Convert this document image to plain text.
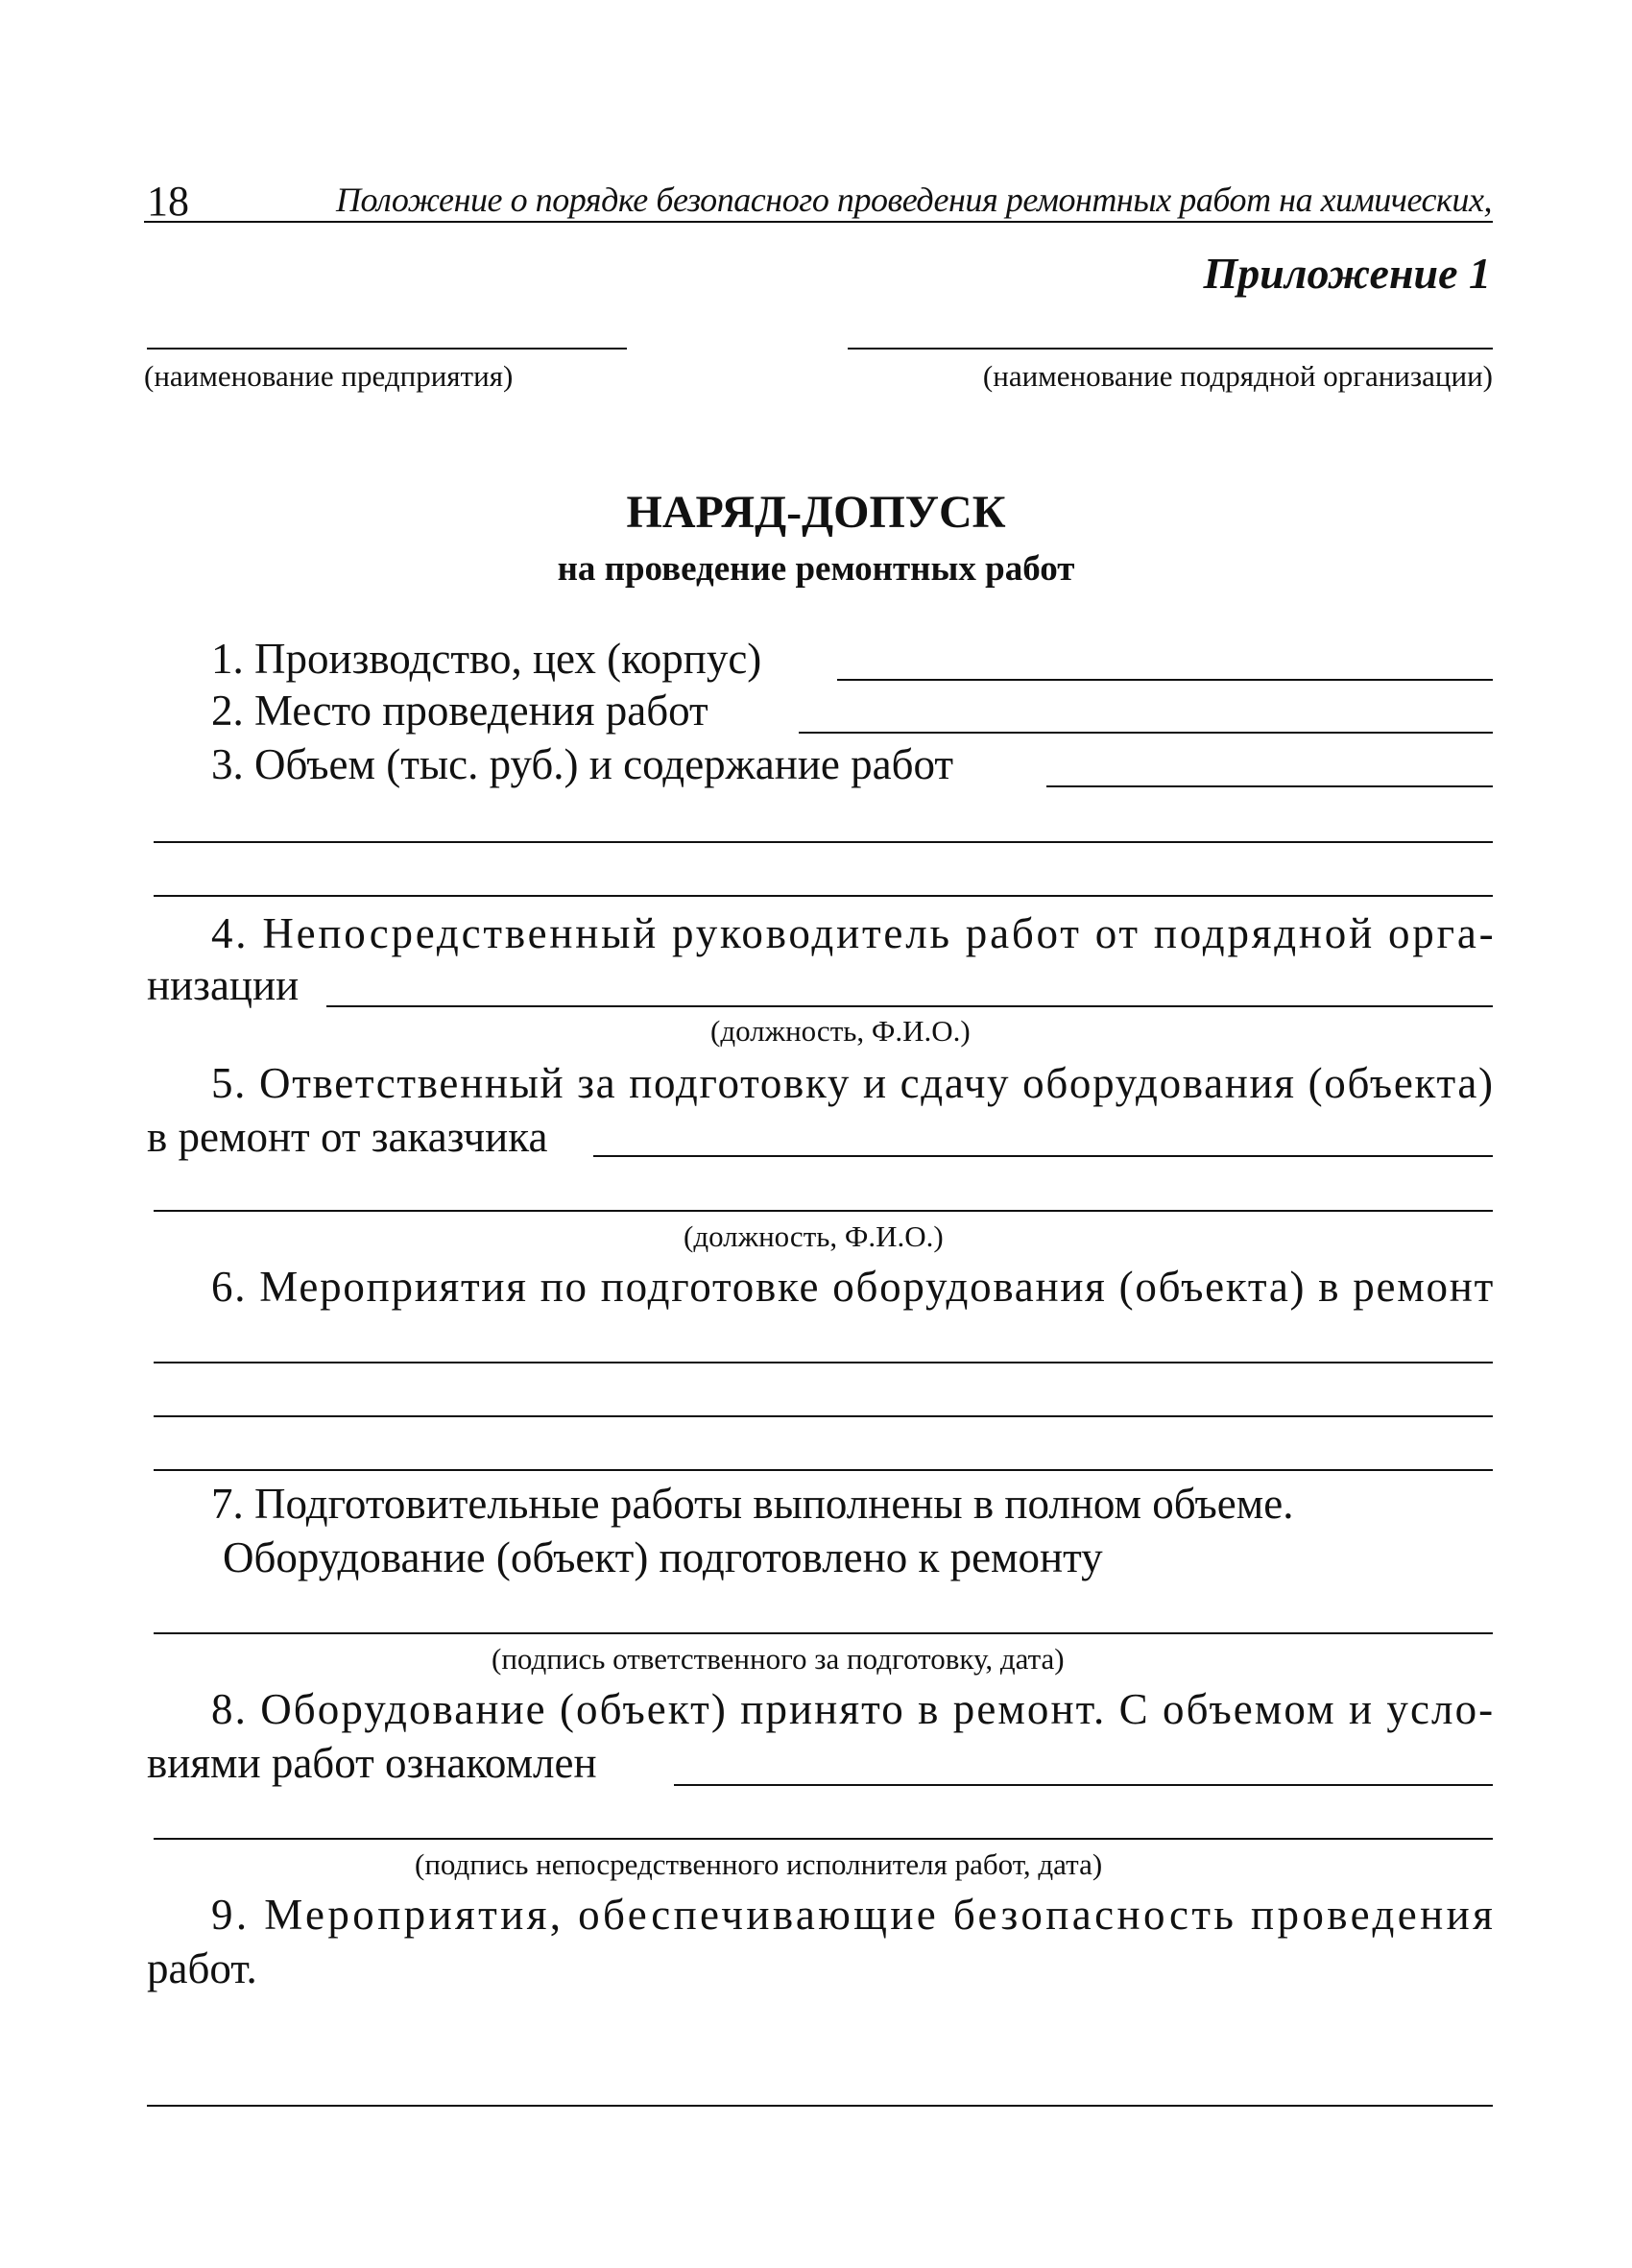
18	Положение о порядке безопасного проведения ремонтных работ на химических,
Приложение 1
(наименование предприятия)	(наименование подрядной организации)
НАРЯД-ДОПУСК
на проведение ремонтных работ
1. Производство, цех (корпус)
2. Место проведения работ
3. Объем (тыс. руб.) и содержание работ
4. Непосредственный руководитель работ от подрядной орга-
низации
(должность, Ф.И.О.)
5. Ответственный за подготовку и сдачу оборудования (объекта)
в ремонт от заказчика
(должность, Ф.И.О.)
6. Мероприятия по подготовке оборудования (объекта) в ремонт
7. Подготовительные работы выполнены в полном объеме.
Оборудование (объект) подготовлено к ремонту
(подпись ответственного за подготовку, дата)
8. Оборудование (объект) принято в ремонт. С объемом и усло-
виями работ ознакомлен
(подпись непосредственного исполнителя работ, дата)
9. Мероприятия, обеспечивающие безопасность проведения
работ.
